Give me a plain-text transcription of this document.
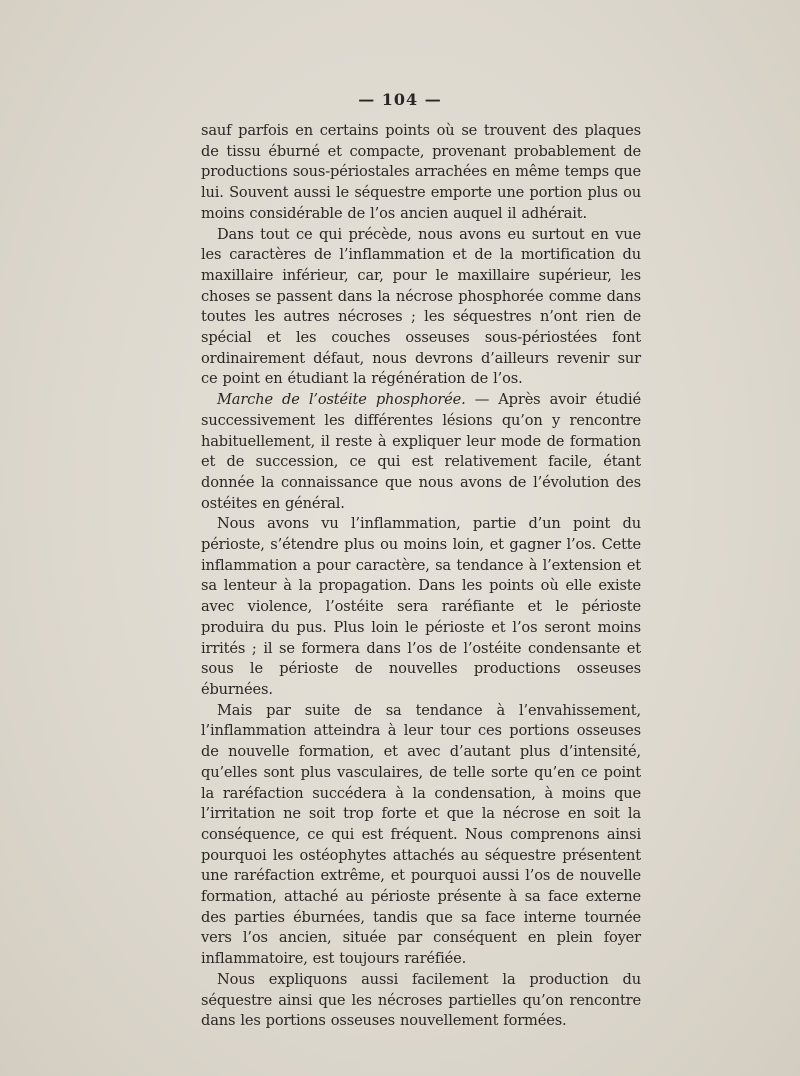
— 104 —

sauf parfois en certains points où se trouvent des plaques de tissu éburné et compacte, provenant probablement de productions sous-périostales arrachées en même temps que lui. Souvent aussi le séquestre emporte une portion plus ou moins considérable de l’os ancien auquel il adhérait.

Dans tout ce qui précède, nous avons eu surtout en vue les caractères de l’inflammation et de la mortification du maxillaire inférieur, car, pour le maxillaire supérieur, les choses se passent dans la nécrose phosphorée comme dans toutes les autres nécroses ; les séquestres n’ont rien de spécial et les couches osseuses sous-périostées font ordinairement défaut, nous devrons d’ailleurs revenir sur ce point en étudiant la régénération de l’os.

Marche de l’ostéite phosphorée. — Après avoir étudié successivement les différentes lésions qu’on y rencontre habituellement, il reste à expliquer leur mode de formation et de succession, ce qui est relativement facile, étant donnée la connaissance que nous avons de l’évolution des ostéites en général.

Nous avons vu l’inflammation, partie d’un point du périoste, s’étendre plus ou moins loin, et gagner l’os. Cette inflammation a pour caractère, sa tendance à l’extension et sa lenteur à la propagation. Dans les points où elle existe avec violence, l’ostéite sera raréfiante et le périoste produira du pus. Plus loin le périoste et l’os seront moins irrités ; il se formera dans l’os de l’ostéite condensante et sous le périoste de nouvelles productions osseuses éburnées.

Mais par suite de sa tendance à l’envahissement, l’inflammation atteindra à leur tour ces portions osseuses de nouvelle formation, et avec d’autant plus d’intensité, qu’elles sont plus vasculaires, de telle sorte qu’en ce point la raréfaction succédera à la condensation, à moins que l’irritation ne soit trop forte et que la nécrose en soit la conséquence, ce qui est fréquent. Nous comprenons ainsi pourquoi les ostéophytes attachés au séquestre présentent une raréfaction extrême, et pourquoi aussi l’os de nouvelle formation, attaché au périoste présente à sa face externe des parties éburnées, tandis que sa face interne tournée vers l’os ancien, située par conséquent en plein foyer inflammatoire, est toujours raréfiée.

Nous expliquons aussi facilement la production du séquestre ainsi que les nécroses partielles qu’on rencontre dans les portions osseuses nouvellement formées.
